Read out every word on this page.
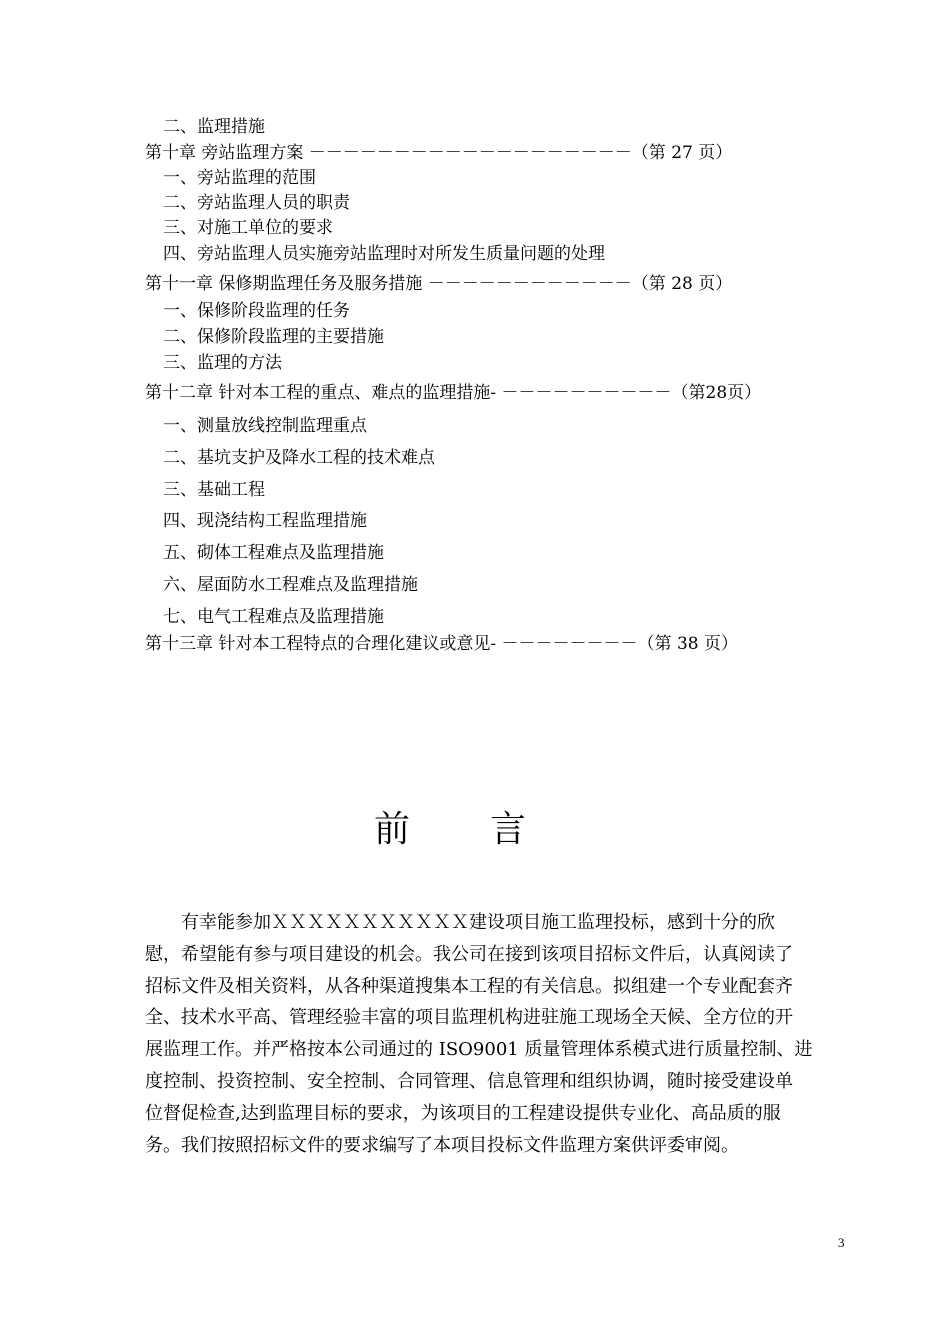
二、监理措施
第十章 旁站监理方案 －－－－－－－－－－－－－－－－－－－（第 27 页）
一、旁站监理的范围
二、旁站监理人员的职责
三、对施工单位的要求
四、旁站监理人员实施旁站监理时对所发生质量问题的处理
第十一章 保修期监理任务及服务措施 －－－－－－－－－－－－（第 28 页）
一、保修阶段监理的任务
二、保修阶段监理的主要措施
三、监理的方法
第十二章 针对本工程的重点、难点的监理措施- －－－－－－－－－－（第28页）
一、测量放线控制监理重点
二、基坑支护及降水工程的技术难点
三、基础工程
四、现浇结构工程监理措施
五、砌体工程难点及监理措施
六、屋面防水工程难点及监理措施
七、电气工程难点及监理措施
第十三章 针对本工程特点的合理化建议或意见- －－－－－－－－（第 38 页）
前 言
　　有幸能参加ＸＸＸＸＸＸＸＸＸＸＸ建设项目施工监理投标，感到十分的欣
慰，希望能有参与项目建设的机会。我公司在接到该项目招标文件后，认真阅读了
招标文件及相关资料，从各种渠道搜集本工程的有关信息。拟组建一个专业配套齐
全、技术水平高、管理经验丰富的项目监理机构进驻施工现场全天候、全方位的开
展监理工作。并严格按本公司通过的 ISO9001 质量管理体系模式进行质量控制、进
度控制、投资控制、安全控制、合同管理、信息管理和组织协调，随时接受建设单
位督促检查,达到监理目标的要求，为该项目的工程建设提供专业化、高品质的服
务。我们按照招标文件的要求编写了本项目投标文件监理方案供评委审阅。
3
